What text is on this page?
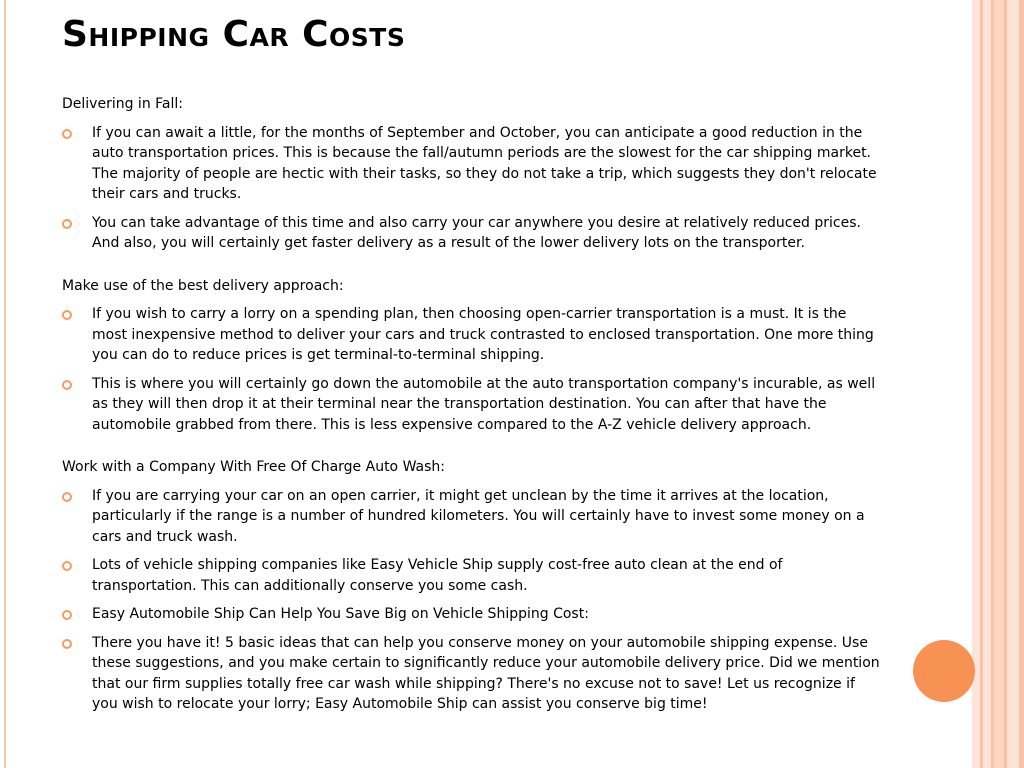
Shipping Car Costs

Delivering in Fall:

If you can await a little, for the months of September and October, you can anticipate a good reduction in the auto transportation prices. This is because the fall/autumn periods are the slowest for the car shipping market. The majority of people are hectic with their tasks, so they do not take a trip, which suggests they don't relocate their cars and trucks.
You can take advantage of this time and also carry your car anywhere you desire at relatively reduced prices. And also, you will certainly get faster delivery as a result of the lower delivery lots on the transporter.

Make use of the best delivery approach:

If you wish to carry a lorry on a spending plan, then choosing open-carrier transportation is a must. It is the most inexpensive method to deliver your cars and truck contrasted to enclosed transportation. One more thing you can do to reduce prices is get terminal-to-terminal shipping.
This is where you will certainly go down the automobile at the auto transportation company's incurable, as well as they will then drop it at their terminal near the transportation destination. You can after that have the automobile grabbed from there. This is less expensive compared to the A-Z vehicle delivery approach.

Work with a Company With Free Of Charge Auto Wash:

If you are carrying your car on an open carrier, it might get unclean by the time it arrives at the location, particularly if the range is a number of hundred kilometers. You will certainly have to invest some money on a cars and truck wash.
Lots of vehicle shipping companies like Easy Vehicle Ship supply cost-free auto clean at the end of transportation. This can additionally conserve you some cash.
Easy Automobile Ship Can Help You Save Big on Vehicle Shipping Cost:
There you have it! 5 basic ideas that can help you conserve money on your automobile shipping expense. Use these suggestions, and you make certain to significantly reduce your automobile delivery price. Did we mention that our firm supplies totally free car wash while shipping? There's no excuse not to save! Let us recognize if you wish to relocate your lorry; Easy Automobile Ship can assist you conserve big time!
